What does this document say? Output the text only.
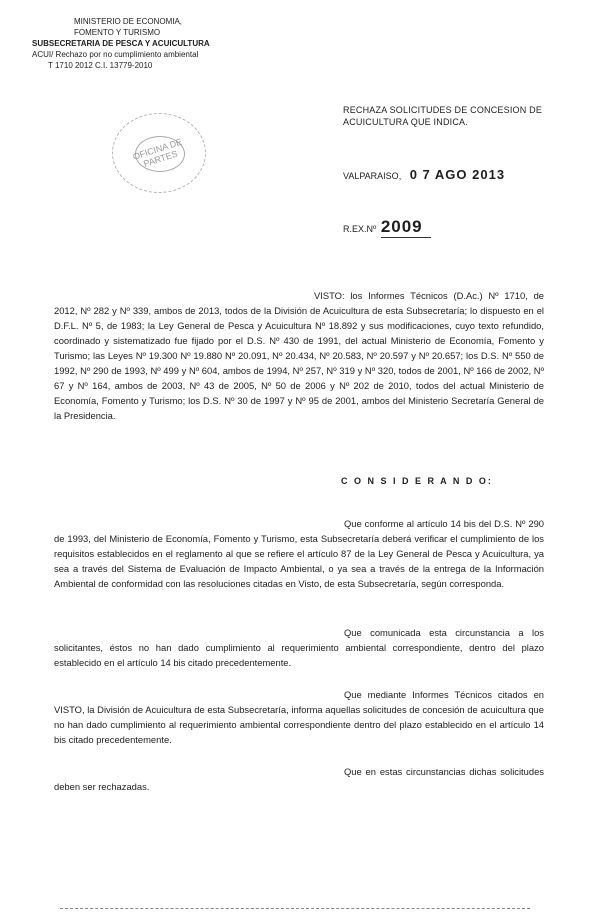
MINISTERIO DE ECONOMIA,
FOMENTO Y TURISMO
SUBSECRETARIA DE PESCA Y ACUICULTURA
ACUI/ Rechazo por no cumplimiento ambiental
T 1710 2012 C.I. 13779-2010
OFICINA DE PARTES
RECHAZA SOLICITUDES DE CONCESION DE ACUICULTURA QUE INDICA.
VALPARAISO, 0 7 AGO 2013
R.EX.Nº 2009
VISTO: los Informes Técnicos (D.Ac.) Nº 1710, de 2012, Nº 282 y Nº 339, ambos de 2013, todos de la División de Acuicultura de esta Subsecretaría; lo dispuesto en el D.F.L. Nº 5, de 1983; la Ley General de Pesca y Acuicultura Nº 18.892 y sus modificaciones, cuyo texto refundido, coordinado y sistematizado fue fijado por el D.S. Nº 430 de 1991, del actual Ministerio de Economía, Fomento y Turismo; las Leyes Nº 19.300 Nº 19.880 Nº 20.091, Nº 20.434, Nº 20.583, Nº 20.597 y Nº 20.657; los D.S. Nº 550 de 1992, Nº 290 de 1993, Nº 499 y Nº 604, ambos de 1994, Nº 257, Nº 319 y Nº 320, todos de 2001, Nº 166 de 2002, Nº 67 y Nº 164, ambos de 2003, Nº 43 de 2005, Nº 50 de 2006 y Nº 202 de 2010, todos del actual Ministerio de Economía, Fomento y Turismo; los D.S. Nº 30 de 1997 y Nº 95 de 2001, ambos del Ministerio Secretaría General de la Presidencia.
C O N S I D E R A N D O:
Que conforme al artículo 14 bis del D.S. Nº 290 de 1993, del Ministerio de Economía, Fomento y Turismo, esta Subsecretaría deberá verificar el cumplimiento de los requisitos establecidos en el reglamento al que se refiere el artículo 87 de la Ley General de Pesca y Acuicultura, ya sea a través del Sistema de Evaluación de Impacto Ambiental, o ya sea a través de la entrega de la Información Ambiental de conformidad con las resoluciones citadas en Visto, de esta Subsecretaría, según corresponda.
Que comunicada esta circunstancia a los solicitantes, éstos no han dado cumplimiento al requerimiento ambiental correspondiente, dentro del plazo establecido en el artículo 14 bis citado precedentemente.
Que mediante Informes Técnicos citados en VISTO, la División de Acuicultura de esta Subsecretaría, informa aquellas solicitudes de concesión de acuicultura que no han dado cumplimiento al requerimiento ambiental correspondiente dentro del plazo establecido en el artículo 14 bis citado precedentemente.
Que en estas circunstancias dichas solicitudes deben ser rechazadas.
